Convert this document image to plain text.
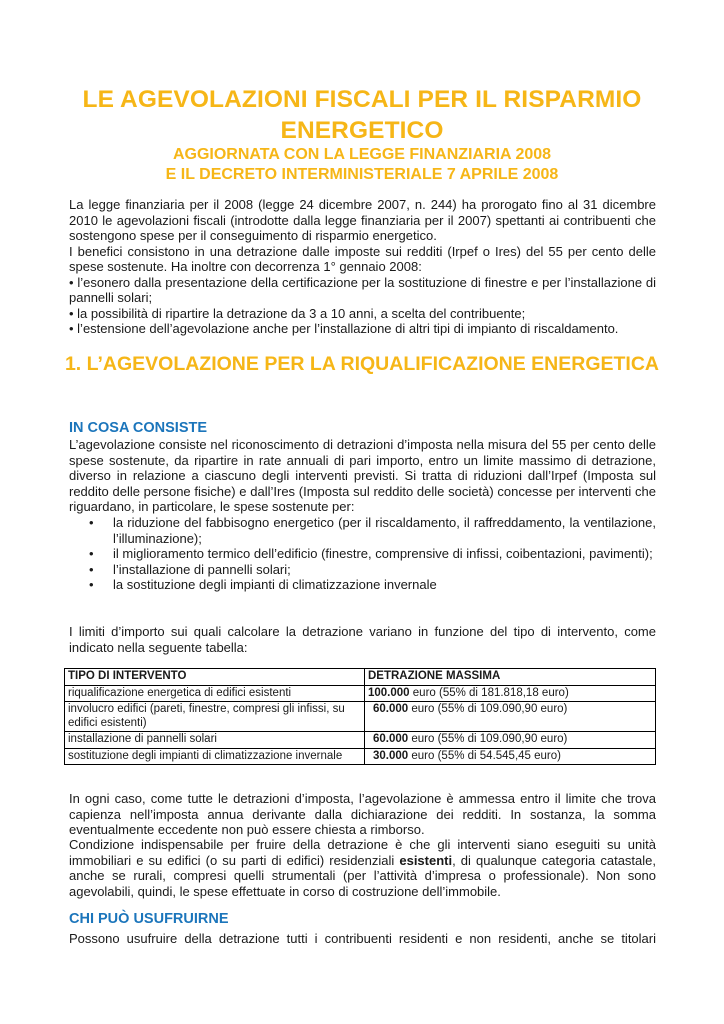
LE AGEVOLAZIONI FISCALI PER IL RISPARMIO ENERGETICO
AGGIORNATA CON LA LEGGE FINANZIARIA 2008
E IL DECRETO INTERMINISTERIALE 7 APRILE 2008
La legge finanziaria per il 2008 (legge 24 dicembre 2007, n. 244) ha prorogato fino al 31 dicembre 2010 le agevolazioni fiscali (introdotte dalla legge finanziaria per il 2007) spettanti ai contribuenti che sostengono spese per il conseguimento di risparmio energetico.
I benefici consistono in una detrazione dalle imposte sui redditi (Irpef o Ires) del 55 per cento delle spese sostenute. Ha inoltre con decorrenza 1° gennaio 2008:
• l’esonero dalla presentazione della certificazione per la sostituzione di finestre e per l’installazione di pannelli solari;
• la possibilità di ripartire la detrazione da 3 a 10 anni, a scelta del contribuente;
• l’estensione dell’agevolazione anche per l’installazione di altri tipi di impianto di riscaldamento.
1. L’AGEVOLAZIONE PER LA RIQUALIFICAZIONE ENERGETICA
IN COSA CONSISTE
L’agevolazione consiste nel riconoscimento di detrazioni d’imposta nella misura del 55 per cento delle spese sostenute, da ripartire in rate annuali di pari importo, entro un limite massimo di detrazione, diverso in relazione a ciascuno degli interventi previsti. Si tratta di riduzioni dall’Irpef (Imposta sul reddito delle persone fisiche) e dall’Ires (Imposta sul reddito delle società) concesse per interventi che riguardano, in particolare, le spese sostenute per:
• la riduzione del fabbisogno energetico (per il riscaldamento, il raffreddamento, la ventilazione, l’illuminazione);
• il miglioramento termico dell’edificio (finestre, comprensive di infissi, coibentazioni, pavimenti);
• l’installazione di pannelli solari;
• la sostituzione degli impianti di climatizzazione invernale
I limiti d’importo sui quali calcolare la detrazione variano in funzione del tipo di intervento, come indicato nella seguente tabella:
TIPO DI INTERVENTO	DETRAZIONE MASSIMA
riqualificazione energetica di edifici esistenti	100.000 euro (55% di 181.818,18 euro)
involucro edifici (pareti, finestre, compresi gli infissi, su edifici esistenti)	60.000 euro (55% di 109.090,90 euro)
installazione di pannelli solari	60.000 euro (55% di 109.090,90 euro)
sostituzione degli impianti di climatizzazione invernale	30.000 euro (55% di 54.545,45 euro)
In ogni caso, come tutte le detrazioni d’imposta, l’agevolazione è ammessa entro il limite che trova capienza nell’imposta annua derivante dalla dichiarazione dei redditi. In sostanza, la somma eventualmente eccedente non può essere chiesta a rimborso.
Condizione indispensabile per fruire della detrazione è che gli interventi siano eseguiti su unità immobiliari e su edifici (o su parti di edifici) residenziali esistenti, di qualunque categoria catastale, anche se rurali, compresi quelli strumentali (per l’attività d’impresa o professionale). Non sono agevolabili, quindi, le spese effettuate in corso di costruzione dell’immobile.
CHI PUÒ USUFRUIRNE
Possono usufruire della detrazione tutti i contribuenti residenti e non residenti, anche se titolari
